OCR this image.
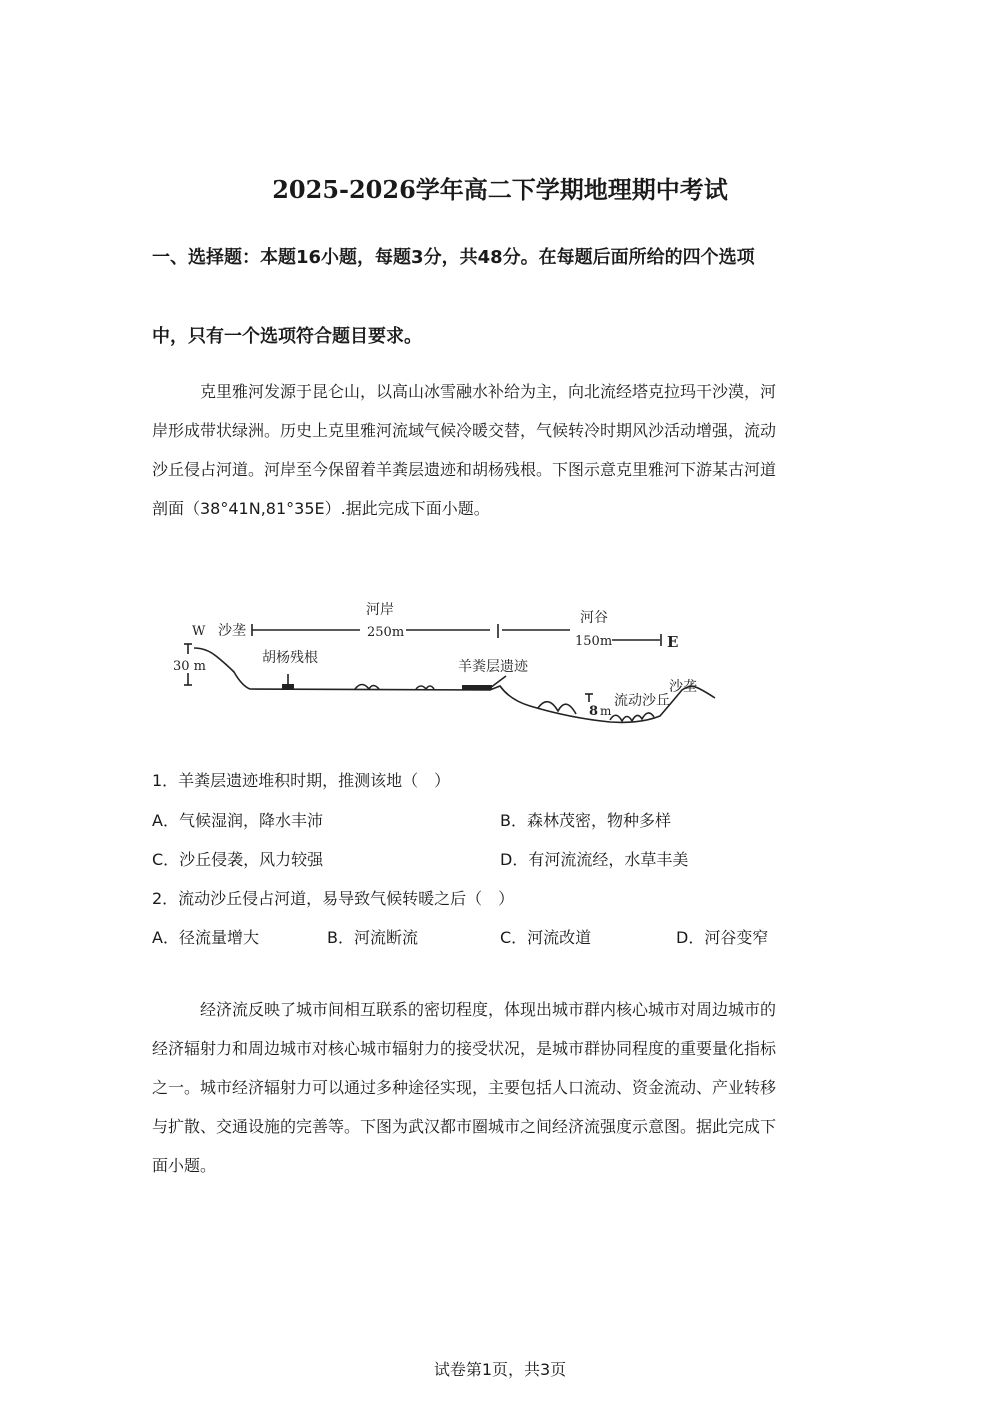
2025-2026学年高二下学期地理期中考试
一、选择题：本题16小题，每题3分，共48分。在每题后面所给的四个选项
中，只有一个选项符合题目要求。
克里雅河发源于昆仑山，以高山冰雪融水补给为主，向北流经塔克拉玛干沙漠，河
岸形成带状绿洲。历史上克里雅河流域气候冷暖交替，气候转冷时期风沙活动增强，流动
沙丘侵占河道。河岸至今保留着羊粪层遗迹和胡杨残根。下图示意克里雅河下游某古河道
剖面（38°41N,81°35E）.据此完成下面小题。
W 沙垄
河岸	河谷
E
250m
150m
30 m
胡杨残根
羊粪层遗迹
8 m
流动沙丘
沙垄
1．羊粪层遗迹堆积时期，推测该地（　）
A．气候湿润，降水丰沛	B．森林茂密，物种多样
C．沙丘侵袭，风力较强	D．有河流流经，水草丰美
2．流动沙丘侵占河道，易导致气候转暖之后（　）
A．径流量增大	B．河流断流	C．河流改道	D．河谷变窄
经济流反映了城市间相互联系的密切程度，体现出城市群内核心城市对周边城市的
经济辐射力和周边城市对核心城市辐射力的接受状况，是城市群协同程度的重要量化指标
之一。城市经济辐射力可以通过多种途径实现，主要包括人口流动、资金流动、产业转移
与扩散、交通设施的完善等。下图为武汉都市圈城市之间经济流强度示意图。据此完成下
面小题。
试卷第1页，共3页
